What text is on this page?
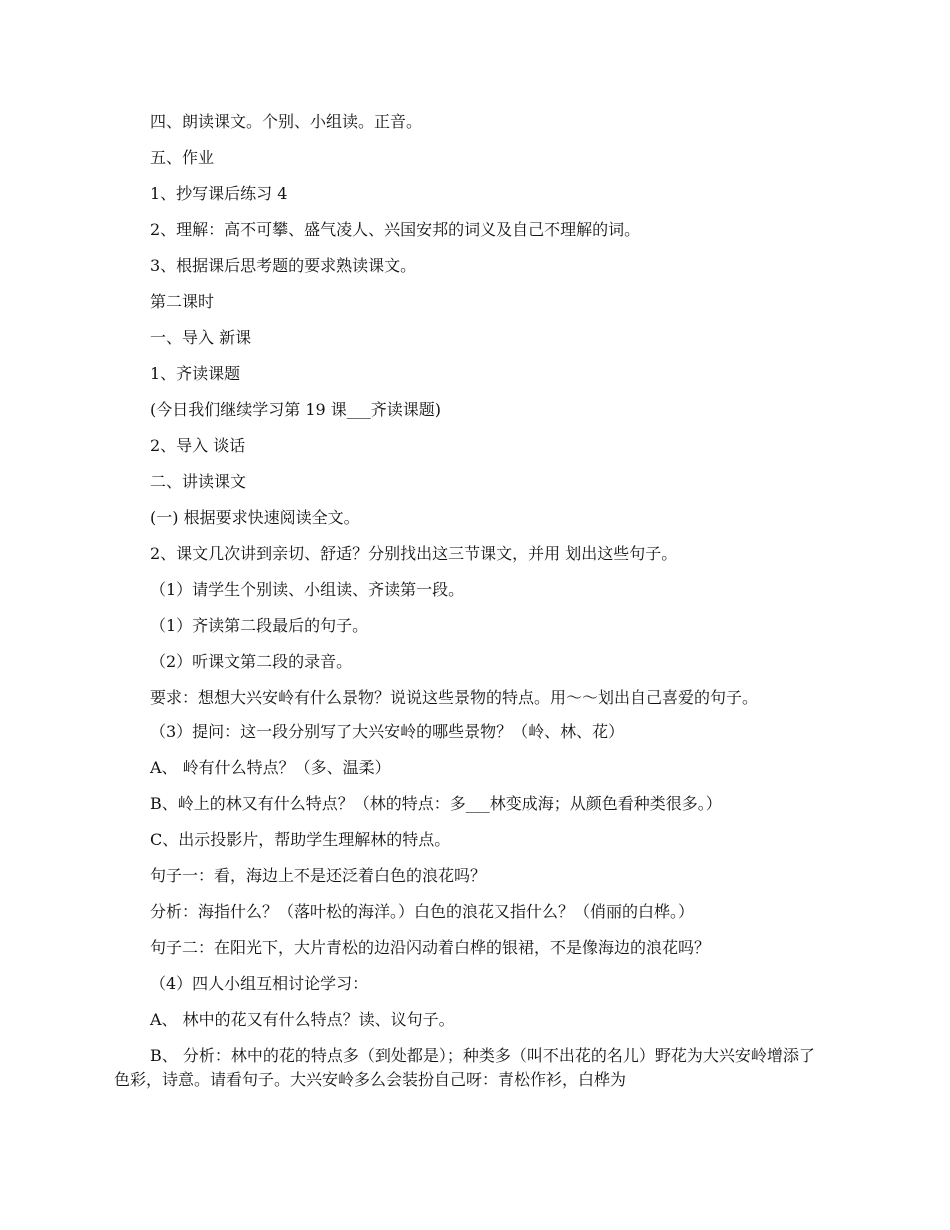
四、朗读课文。个别、小组读。正音。

五、作业

1、抄写课后练习 4

2、理解：高不可攀、盛气凌人、兴国安邦的词义及自己不理解的词。

3、根据课后思考题的要求熟读课文。

第二课时

一、导入 新课

1、齐读课题

(今日我们继续学习第 19 课___齐读课题)

2、导入 谈话

二、讲读课文

(一) 根据要求快速阅读全文。

2、课文几次讲到亲切、舒适？分别找出这三节课文，并用 划出这些句子。

（1）请学生个别读、小组读、齐读第一段。

（1）齐读第二段最后的句子。

（2）听课文第二段的录音。

要求：想想大兴安岭有什么景物？说说这些景物的特点。用～～划出自己喜爱的句子。

（3）提问：这一段分别写了大兴安岭的哪些景物？（岭、林、花）

A、 岭有什么特点？（多、温柔）

B、岭上的林又有什么特点？（林的特点：多___林变成海；从颜色看种类很多。）

C、出示投影片，帮助学生理解林的特点。

句子一：看，海边上不是还泛着白色的浪花吗？

分析：海指什么？（落叶松的海洋。）白色的浪花又指什么？（俏丽的白桦。）

句子二：在阳光下，大片青松的边沿闪动着白桦的银裙，不是像海边的浪花吗？

（4）四人小组互相讨论学习：

A、 林中的花又有什么特点？读、议句子。

B、 分析：林中的花的特点多（到处都是）；种类多（叫不出花的名儿）野花为大兴安岭增添了色彩，诗意。请看句子。大兴安岭多么会装扮自己呀：青松作衫，白桦为
